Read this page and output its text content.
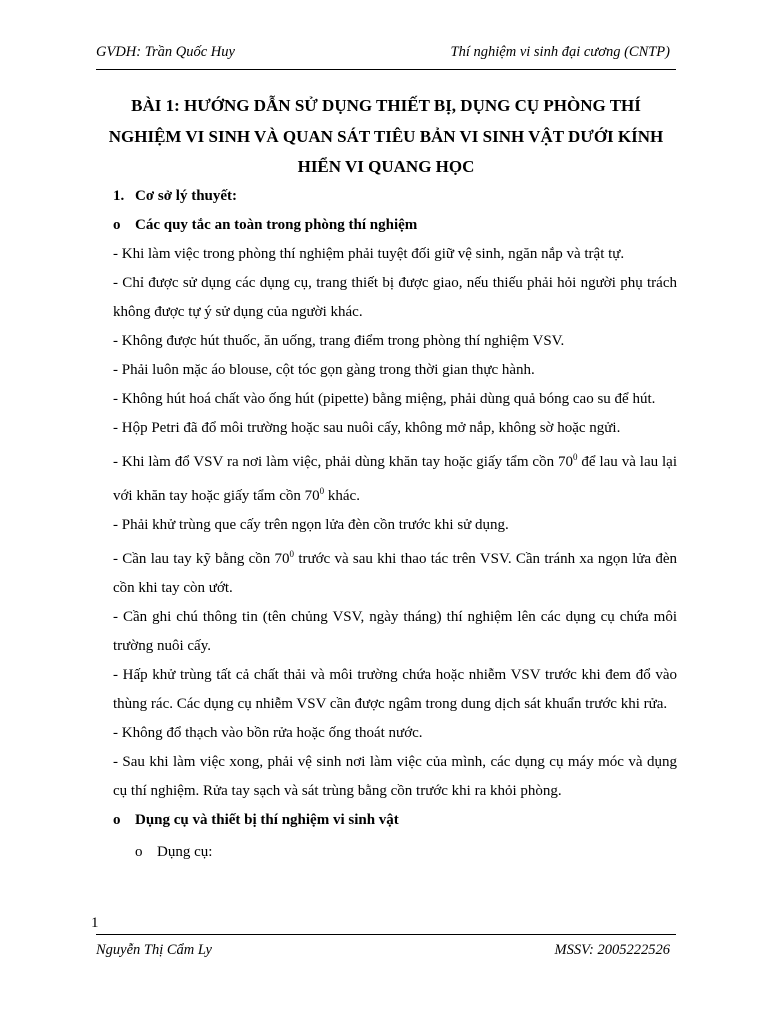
GVDH: Trần Quốc Huy	Thí nghiệm vi sinh đại cương (CNTP)
BÀI 1: HƯỚNG DẪN SỬ DỤNG THIẾT BỊ, DỤNG CỤ PHÒNG THÍ NGHIỆM VI SINH VÀ QUAN SÁT TIÊU BẢN VI SINH VẬT DƯỚI KÍNH HIỂN VI QUANG HỌC
1. Cơ sở lý thuyết:
o Các quy tắc an toàn trong phòng thí nghiệm
- Khi làm việc trong phòng thí nghiệm phải tuyệt đối giữ vệ sinh, ngăn nắp và trật tự.
- Chỉ được sử dụng các dụng cụ, trang thiết bị được giao, nếu thiếu phải hỏi người phụ trách không được tự ý sử dụng của người khác.
- Không được hút thuốc, ăn uống, trang điểm trong phòng thí nghiệm VSV.
- Phải luôn mặc áo blouse, cột tóc gọn gàng trong thời gian thực hành.
- Không hút hoá chất vào ống hút (pipette) bằng miệng, phải dùng quả bóng cao su để hút.
- Hộp Petri đã đổ môi trường hoặc sau nuôi cấy, không mở nắp, không sờ hoặc ngửi.
- Khi làm đổ VSV ra nơi làm việc, phải dùng khăn tay hoặc giấy tẩm cồn $70^0$ để lau và lau lại với khăn tay hoặc giấy tẩm cồn $70^0$ khác.
- Phải khử trùng que cấy trên ngọn lửa đèn cồn trước khi sử dụng.
- Cần lau tay kỹ bằng cồn $70^0$ trước và sau khi thao tác trên VSV. Cần tránh xa ngọn lửa đèn cồn khi tay còn ướt.
- Cần ghi chú thông tin (tên chủng VSV, ngày tháng) thí nghiệm lên các dụng cụ chứa môi trường nuôi cấy.
- Hấp khử trùng tất cả chất thải và môi trường chứa hoặc nhiễm VSV trước khi đem đổ vào thùng rác. Các dụng cụ nhiễm VSV cần được ngâm trong dung dịch sát khuẩn trước khi rửa.
- Không đổ thạch vào bồn rửa hoặc ống thoát nước.
- Sau khi làm việc xong, phải vệ sinh nơi làm việc của mình, các dụng cụ máy móc và dụng cụ thí nghiệm. Rửa tay sạch và sát trùng bằng cồn trước khi ra khỏi phòng.
o Dụng cụ và thiết bị thí nghiệm vi sinh vật
o Dụng cụ:
1
Nguyễn Thị Cẩm Ly	MSSV: 2005222526
